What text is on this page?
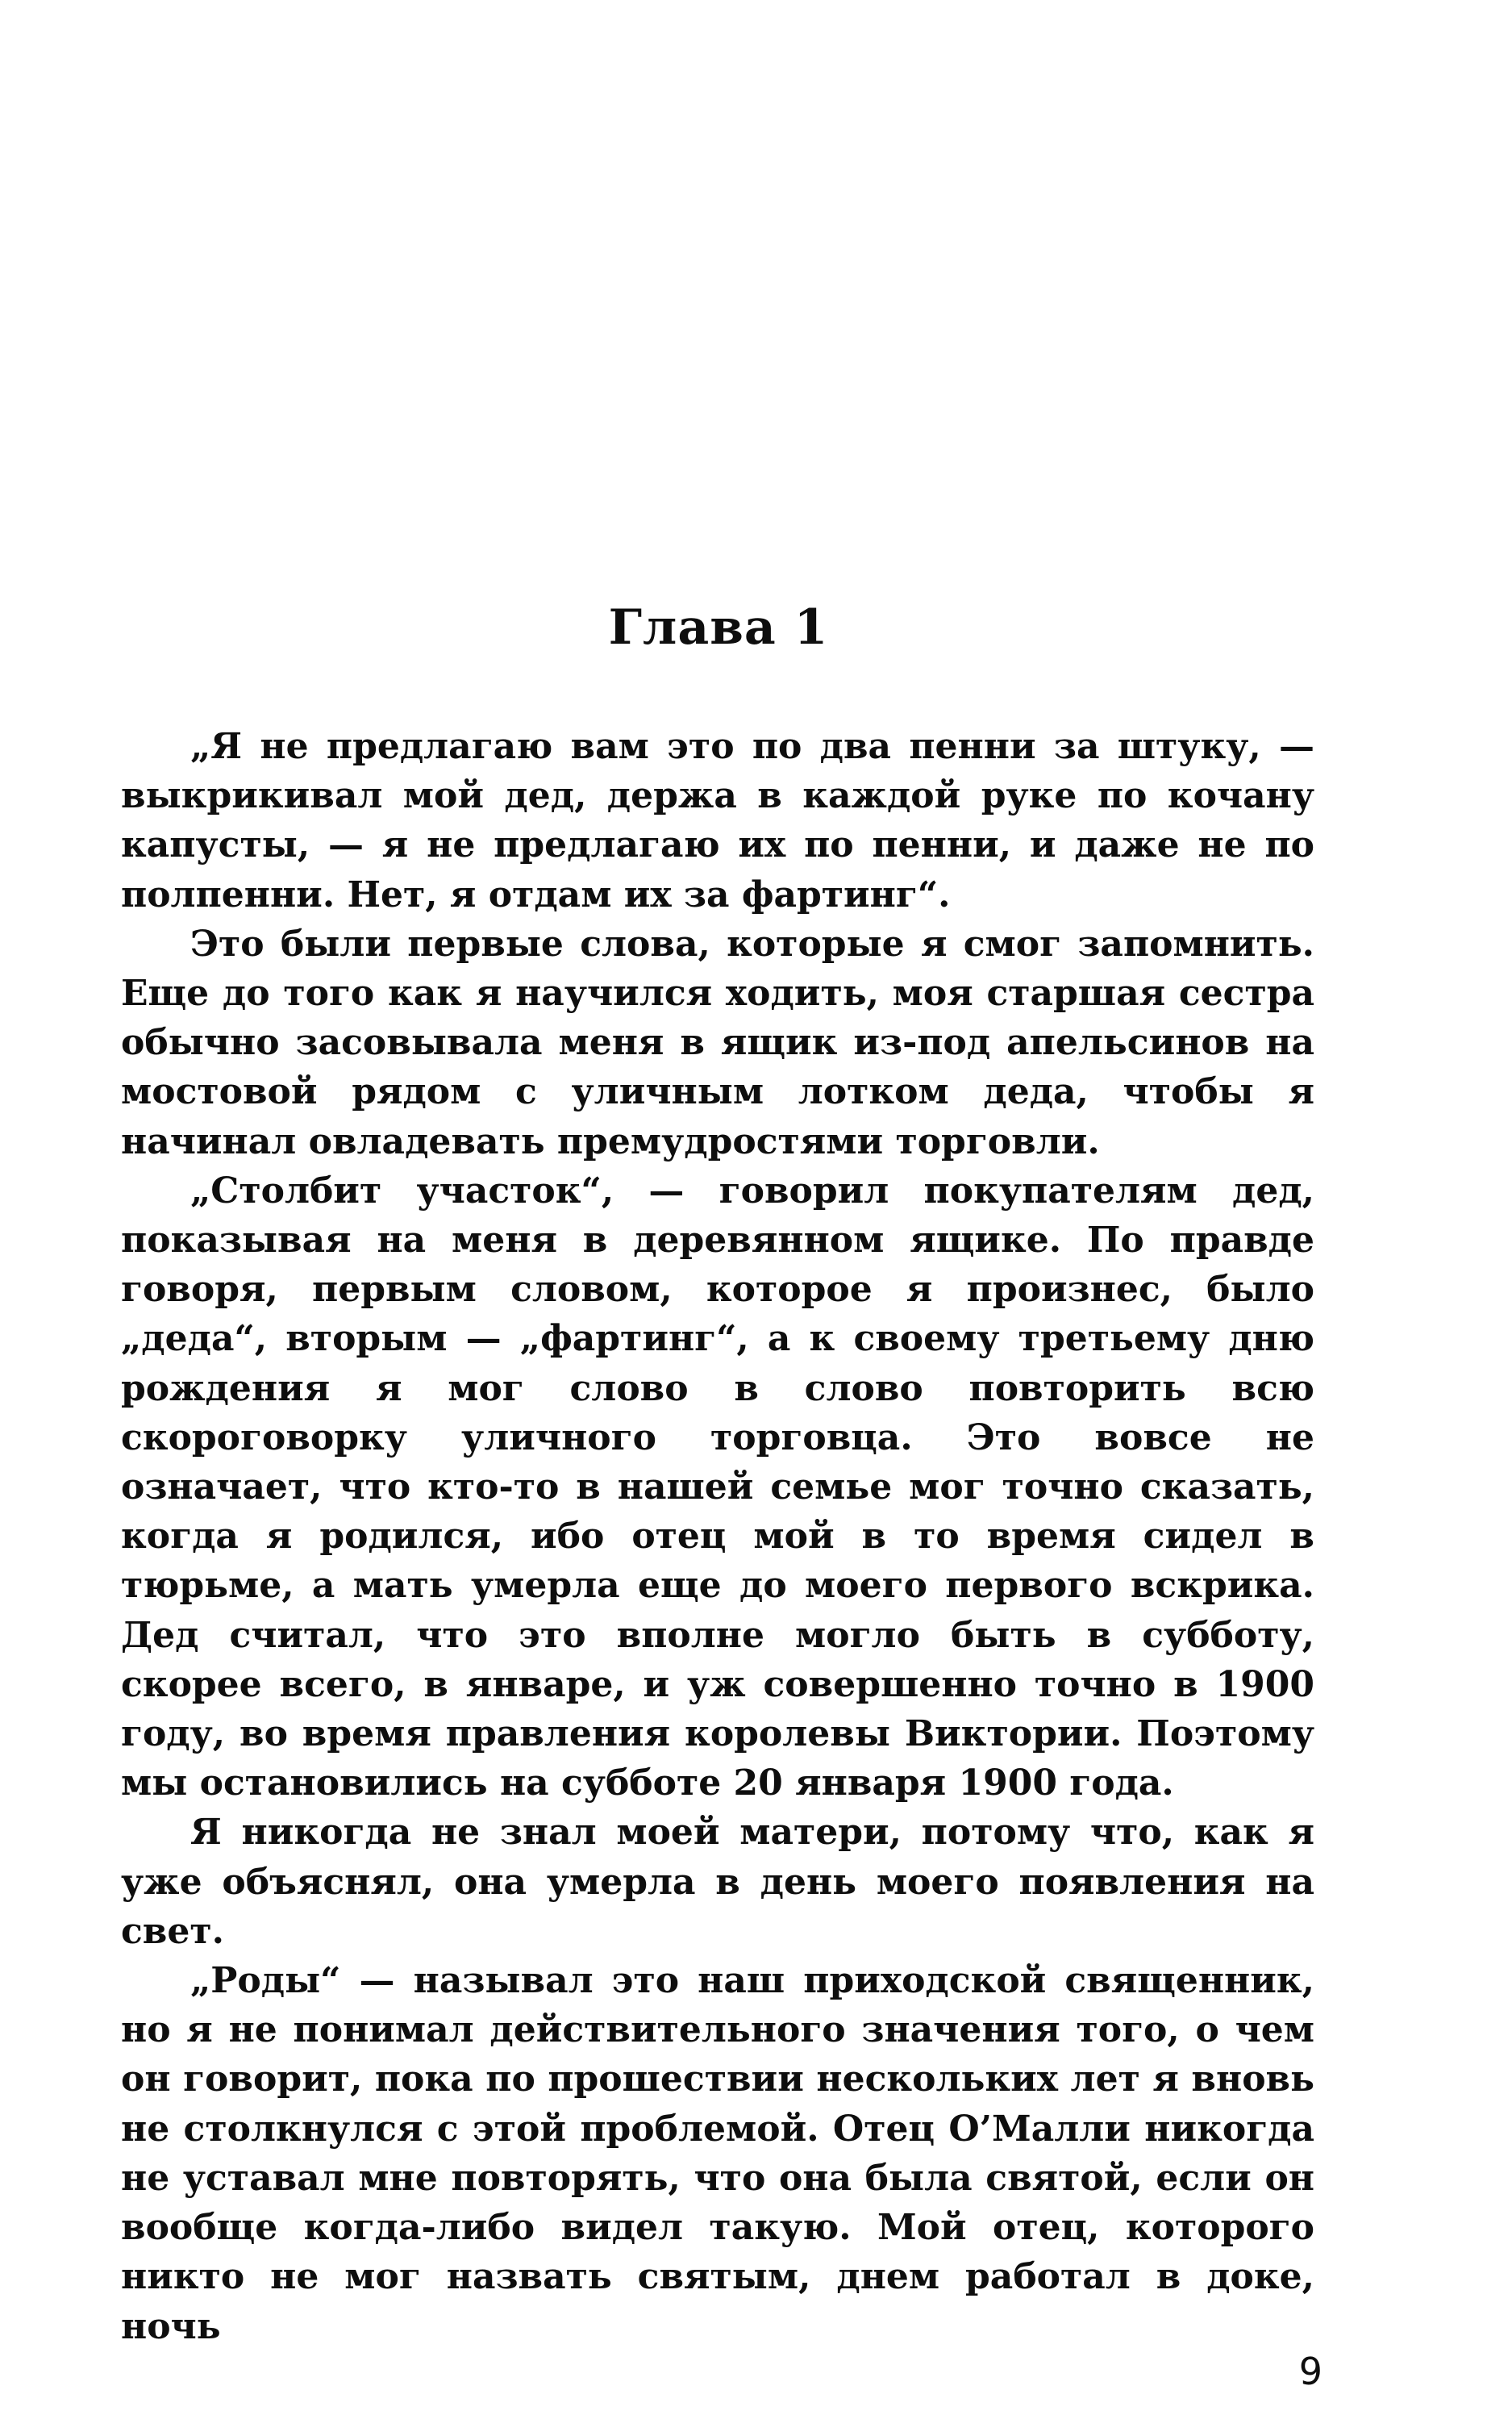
Глава 1

„Я не предлагаю вам это по два пенни за штуку, — выкрикивал мой дед, держа в каждой руке по кочану капусты, — я не предлагаю их по пенни, и даже не по полпенни. Нет, я отдам их за фартинг“.

Это были первые слова, которые я смог запомнить. Еще до того как я научился ходить, моя старшая сестра обычно засовывала меня в ящик из-под апельсинов на мостовой рядом с уличным лотком деда, чтобы я начинал овладевать премудростями торговли.

„Столбит участок“, — говорил покупателям дед, показывая на меня в деревянном ящике. По правде говоря, первым словом, которое я произнес, было „деда“, вторым — „фартинг“, а к своему третьему дню рождения я мог слово в слово повторить всю скороговорку уличного торговца. Это вовсе не означает, что кто-то в нашей семье мог точно сказать, когда я родился, ибо отец мой в то время сидел в тюрьме, а мать умерла еще до моего первого вскрика. Дед считал, что это вполне могло быть в субботу, скорее всего, в январе, и уж совершенно точно в 1900 году, во время правления королевы Виктории. Поэтому мы остановились на субботе 20 января 1900 года.

Я никогда не знал моей матери, потому что, как я уже объяснял, она умерла в день моего появления на свет.

„Роды“ — называл это наш приходской священник, но я не понимал действительного значения того, о чем он говорит, пока по прошествии нескольких лет я вновь не столкнулся с этой проблемой. Отец О’Малли никогда не уставал мне повторять, что она была святой, если он вообще когда-либо видел такую. Мой отец, которого никто не мог назвать святым, днем работал в доке, ночь

9
